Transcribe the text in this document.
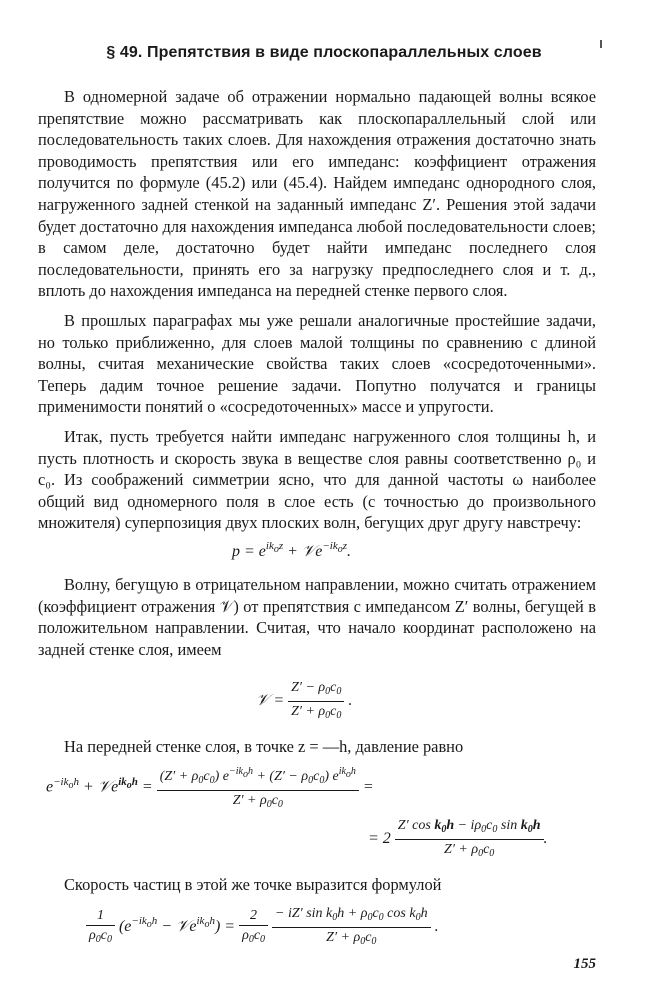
§ 49. Препятствия в виде плоскопараллельных слоев

В одномерной задаче об отражении нормально падающей волны всякое препятствие можно рассматривать как плоскопараллельный слой или последовательность таких слоев. Для нахождения отражения достаточно знать проводимость препятствия или его импеданс: коэффициент отражения получится по формуле (45.2) или (45.4). Найдем импеданс однородного слоя, нагруженного задней стенкой на заданный импеданс Z′. Решения этой задачи будет достаточно для нахождения импеданса любой последовательности слоев; в самом деле, достаточно будет найти импеданс последнего слоя последовательности, принять его за нагрузку предпоследнего слоя и т. д., вплоть до нахождения импеданса на передней стенке первого слоя.

В прошлых параграфах мы уже решали аналогичные простейшие задачи, но только приближенно, для слоев малой толщины по сравнению с длиной волны, считая механические свойства таких слоев «сосредоточенными». Теперь дадим точное решение задачи. Попутно получатся и границы применимости понятий о «сосредоточенных» массе и упругости.

Итак, пусть требуется найти импеданс нагруженного слоя толщины h, и пусть плотность и скорость звука в веществе слоя равны соответственно ρ₀ и c₀. Из соображений симметрии ясно, что для данной частоты ω наиболее общий вид одномерного поля в слое есть (с точностью до произвольного множителя) суперпозиция двух плоских волн, бегущих друг другу навстречу:

$p = e^{ikoz}$ + 𝒱e$^{-ikoz}$.

Волну, бегущую в отрицательном направлении, можно считать отражением (коэффициент отражения 𝒱) от препятствия с импедансом Z′ волны, бегущей в положительном направлении. Считая, что начало координат расположено на задней стенке слоя, имеем

𝒱 = $\frac{Z' - \rho_0c_0}{Z' + \rho_0c_0}$ .

На передней стенке слоя, в точке z = —h, давление равно

$e^{-ikoh}$ + 𝒱e$^{ikoh}$ = $\frac{(Z' + \rho_0c_0) e^{-ikoh} + (Z' - \rho_0c_0) e^{ikoh}}{Z' + \rho_0c_0}$ =
= $2 \frac{Z' \cos k_0h - i\rho_0c_0 \sin k_0h}{Z' + \rho_0c_0}$ .

Скорость частиц в этой же точке выразится формулой

$\frac{1}{\rho_0c_0} (e^{-ikoh}$ − 𝒱e$^{ikoh}$) = $\frac{2}{\rho_0c_0}$
$\frac{- iZ' \sin k_0h + \rho_0c_0 \cos k_0h}{Z' + \rho_0c_0}$ .
155
